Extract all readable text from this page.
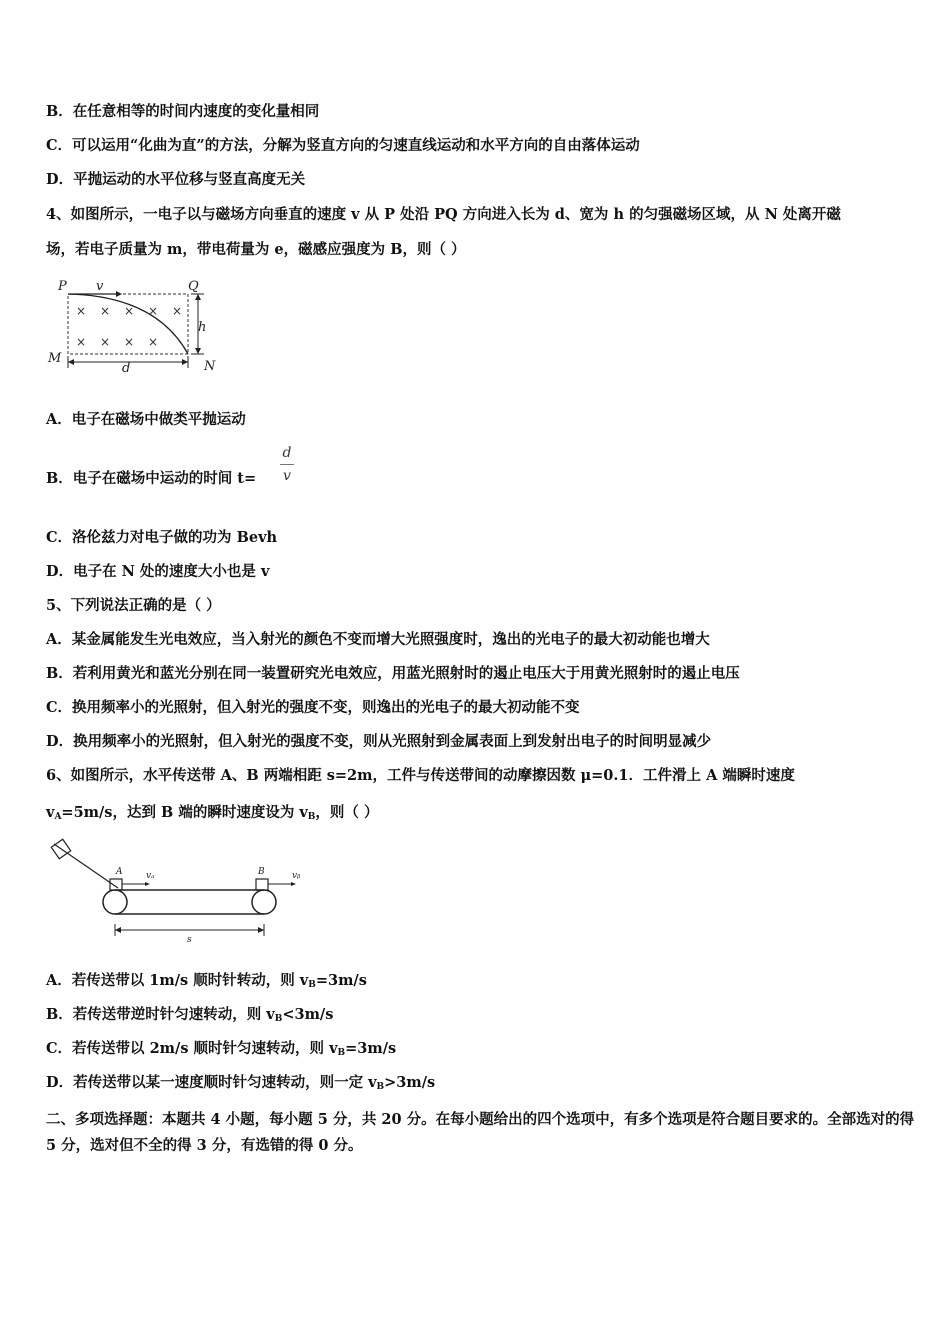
B．在任意相等的时间内速度的变化量相同
C．可以运用“化曲为直”的方法，分解为竖直方向的匀速直线运动和水平方向的自由落体运动
D．平抛运动的水平位移与竖直高度无关
4、如图所示，一电子以与磁场方向垂直的速度 v 从 P 处沿 PQ 方向进入长为 d、宽为 h 的匀强磁场区域，从 N 处离开磁
场，若电子质量为 m，带电荷量为 e，磁感应强度为 B，则（ ）
P v	Q
M
N
h
d
× × × × ×
× × × ×
A．电子在磁场中做类平抛运动
B．电子在磁场中运动的时间 t=
d
v
C．洛伦兹力对电子做的功为 Bevh
D．电子在 N 处的速度大小也是 v
5、下列说法正确的是（ ）
A．某金属能发生光电效应，当入射光的颜色不变而增大光照强度时，逸出的光电子的最大初动能也增大
B．若利用黄光和蓝光分别在同一装置研究光电效应，用蓝光照射时的遏止电压大于用黄光照射时的遏止电压
C．换用频率小的光照射，但入射光的强度不变，则逸出的光电子的最大初动能不变
D．换用频率小的光照射，但入射光的强度不变，则从光照射到金属表面上到发射出电子的时间明显减少
6、如图所示，水平传送带 A、B 两端相距 s=2m，工件与传送带间的动摩擦因数 μ=0.1．工件滑上 A 端瞬时速度
$v_A=5m/s$，达到 B 端的瞬时速度设为 $v_B$，则（ ）
A	B
vₐ	vᵦ
s
A．若传送带以 1m/s 顺时针转动，则 $v_B=3m/s$
B．若传送带逆时针匀速转动，则 $v_B<3m/s$
C．若传送带以 2m/s 顺时针匀速转动，则 $v_B=3m/s$
D．若传送带以某一速度顺时针匀速转动，则一定 $v_B>3m/s$
二、多项选择题：本题共 4 小题，每小题 5 分，共 20 分。在每小题给出的四个选项中，有多个选项是符合题目要求的。全部选对的得 5 分，选对但不全的得 3 分，有选错的得 0 分。
